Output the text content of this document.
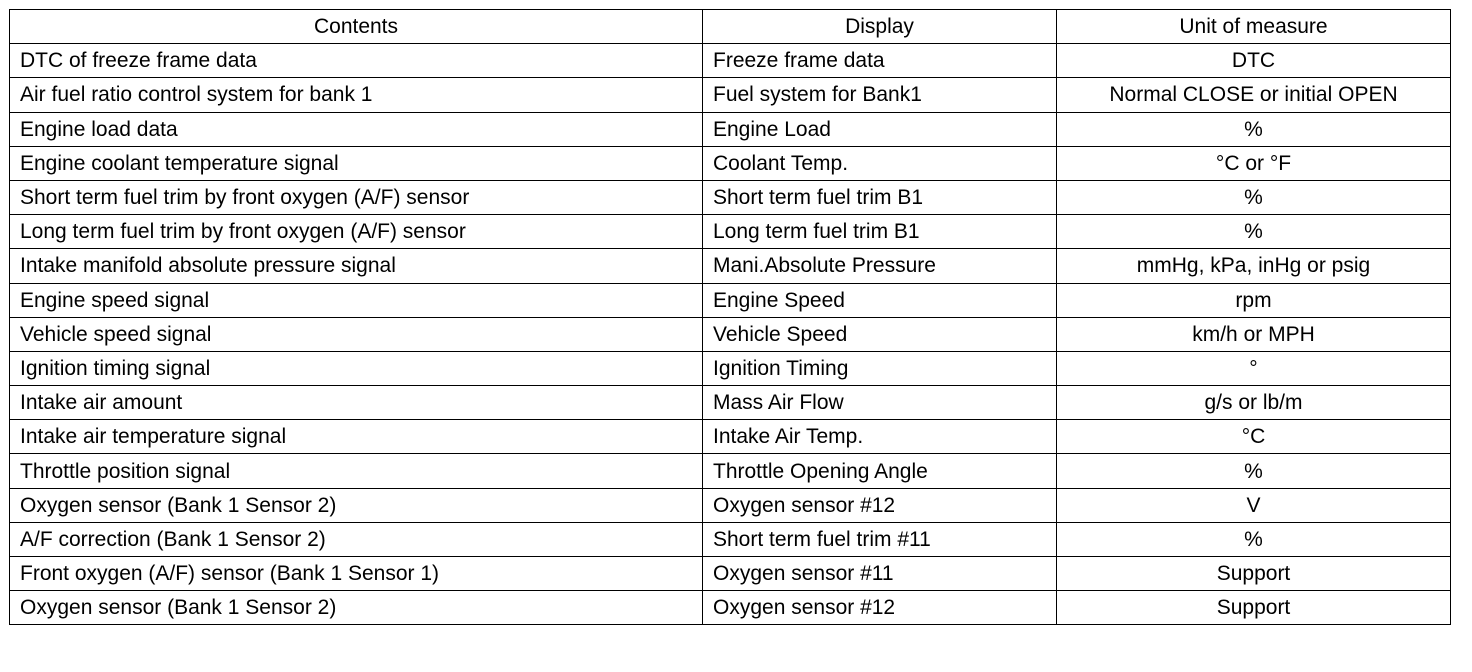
Contents	Display	Unit of measure
DTC of freeze frame data	Freeze frame data	DTC
Air fuel ratio control system for bank 1	Fuel system for Bank1	Normal CLOSE or initial OPEN
Engine load data	Engine Load	%
Engine coolant temperature signal	Coolant Temp.	°C or °F
Short term fuel trim by front oxygen (A/F) sensor	Short term fuel trim B1	%
Long term fuel trim by front oxygen (A/F) sensor	Long term fuel trim B1	%
Intake manifold absolute pressure signal	Mani.Absolute Pressure	mmHg, kPa, inHg or psig
Engine speed signal	Engine Speed	rpm
Vehicle speed signal	Vehicle Speed	km/h or MPH
Ignition timing signal	Ignition Timing	°
Intake air amount	Mass Air Flow	g/s or lb/m
Intake air temperature signal	Intake Air Temp.	°C
Throttle position signal	Throttle Opening Angle	%
Oxygen sensor (Bank 1 Sensor 2)	Oxygen sensor #12	V
A/F correction (Bank 1 Sensor 2)	Short term fuel trim #11	%
Front oxygen (A/F) sensor (Bank 1 Sensor 1)	Oxygen sensor #11	Support
Oxygen sensor (Bank 1 Sensor 2)	Oxygen sensor #12	Support
